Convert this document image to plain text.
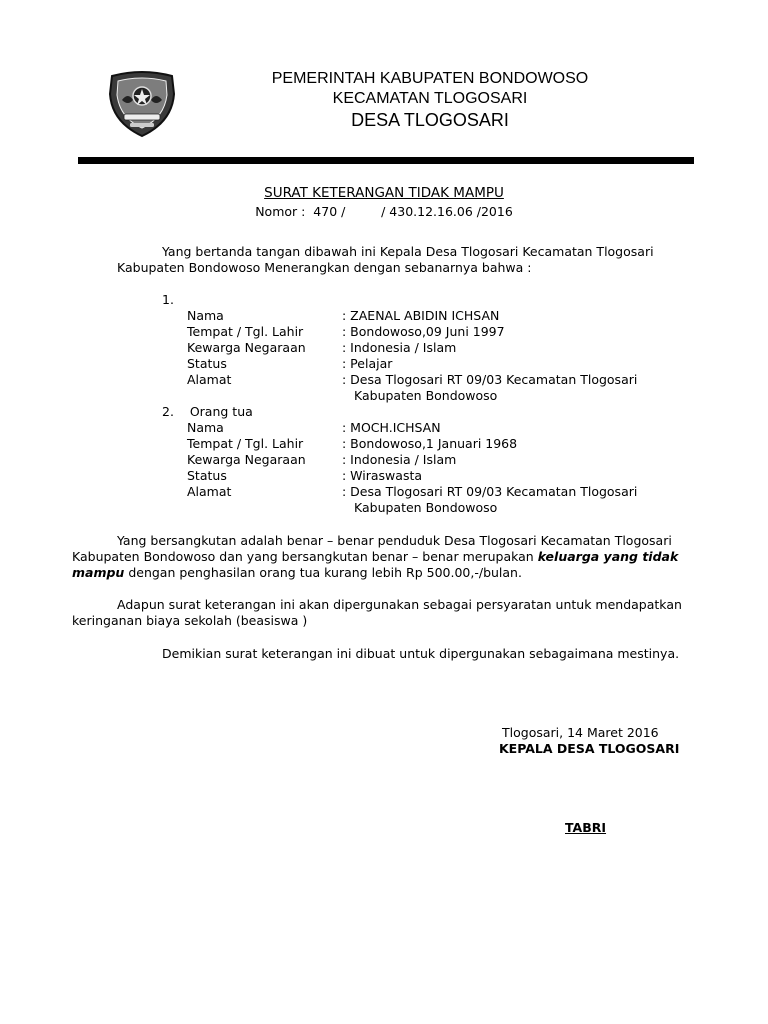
PEMERINTAH KABUPATEN BONDOWOSO
KECAMATAN TLOGOSARI
DESA TLOGOSARI
SURAT KETERANGAN TIDAK MAMPU
Nomor :  470 /         / 430.12.16.06 /2016
Yang bertanda tangan dibawah ini Kepala Desa Tlogosari Kecamatan Tlogosari
Kabupaten Bondowoso Menerangkan dengan sebanarnya bahwa :
1.
Nama	: ZAENAL ABIDIN ICHSAN
Tempat / Tgl. Lahir	: Bondowoso,09 Juni 1997
Kewarga Negaraan	: Indonesia / Islam
Status	: Pelajar
Alamat	: Desa Tlogosari RT 09/03 Kecamatan Tlogosari
Kabupaten Bondowoso
2.    Orang tua
Nama	: MOCH.ICHSAN
Tempat / Tgl. Lahir	: Bondowoso,1 Januari 1968
Kewarga Negaraan	: Indonesia / Islam
Status	: Wiraswasta
Alamat	: Desa Tlogosari RT 09/03 Kecamatan Tlogosari
Kabupaten Bondowoso
Yang bersangkutan adalah benar – benar penduduk Desa Tlogosari Kecamatan Tlogosari
Kabupaten Bondowoso dan yang bersangkutan benar – benar merupakan keluarga yang tidak
mampu dengan penghasilan orang tua kurang lebih Rp 500.00,-/bulan.
Adapun surat keterangan ini akan dipergunakan sebagai persyaratan untuk mendapatkan
keringanan biaya sekolah (beasiswa )
Demikian surat keterangan ini dibuat untuk dipergunakan sebagaimana mestinya.
Tlogosari, 14 Maret 2016
KEPALA DESA TLOGOSARI
TABRI
